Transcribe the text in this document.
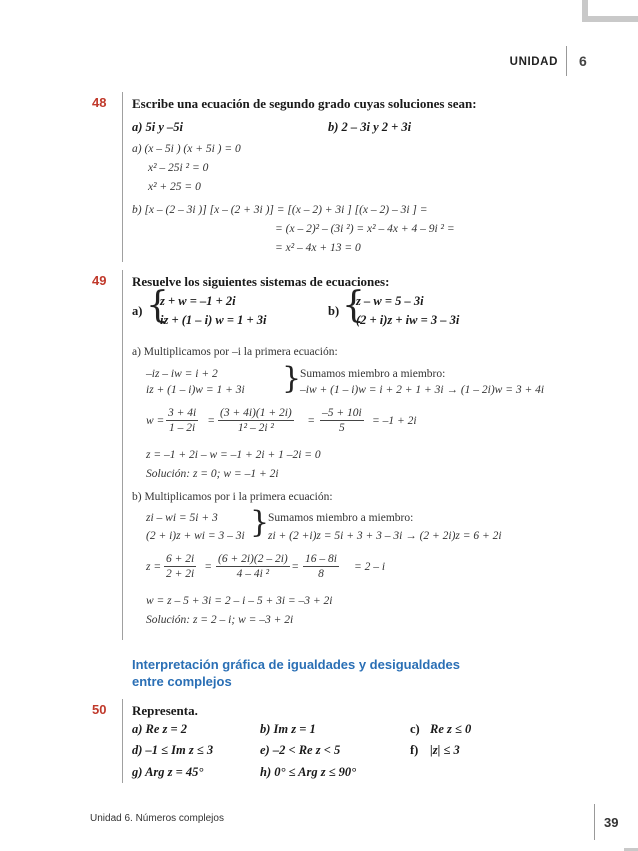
UNIDAD 6
48 Escribe una ecuación de segundo grado cuyas soluciones sean:
a) 5i y –5i	b) 2 – 3i y 2 + 3i
a) (x – 5i ) (x + 5i ) = 0
x² – 25i ² = 0
x² + 25 = 0
b) [x – (2 – 3i )] [x – (2 + 3i )] = [(x – 2) + 3i ] [(x – 2) – 3i ] =
= (x – 2)² – (3i ²) = x² – 4x + 4 – 9i ² =
= x² – 4x + 13 = 0
49 Resuelve los siguientes sistemas de ecuaciones:
a) {
z + w = –1 + 2i
iz + (1 – i) w = 1 + 3i
b) {
z – w = 5 – 3i
(2 + i)z + iw = 3 – 3i
a) Multiplicamos por –i la primera ecuación:
–iz – iw = i + 2
iz + (1 – i)w = 1 + 3i }
Sumamos miembro a miembro:
–iw + (1 – i)w = i + 2 + 1 + 3i → (1 – 2i)w = 3 + 4i
$w = \frac{3 + 4i}{1 - 2i} = \frac{(3 + 4i)(1 + 2i)}{\text{1² – 2i ²}} = \frac{-5 + 10i}{5} = -1 + 2i$
z = –1 + 2i – w = –1 + 2i + 1 –2i = 0
Solución: z = 0; w = –1 + 2i
b) Multiplicamos por i la primera ecuación:
zi – wi = 5i + 3
(2 + i)z + wi = 3 – 3i }
Sumamos miembro a miembro:
zi + (2 +i)z = 5i + 3 + 3 – 3i → (2 + 2i)z = 6 + 2i
$z = \frac{6 + 2i}{2 + 2i} = \frac{(6 + 2i)(2 - 2i)}{\text{4 – 4i ²}} = \frac{16 - 8i}{8} = 2 - i$
w = z – 5 + 3i = 2 – i – 5 + 3i = –3 + 2i
Solución: z = 2 – i; w = –3 + 2i
Interpretación gráfica de igualdades y desigualdades
entre complejos
50 Representa.
a) Re z = 2	b) Im z = 1	c) Re z ≤ 0
d) –1 ≤ Im z ≤ 3	e) –2 < Re z < 5	f) |z| ≤ 3
g) Arg z = 45°	h) 0° ≤ Arg z ≤ 90°
Unidad 6. Números complejos	39
